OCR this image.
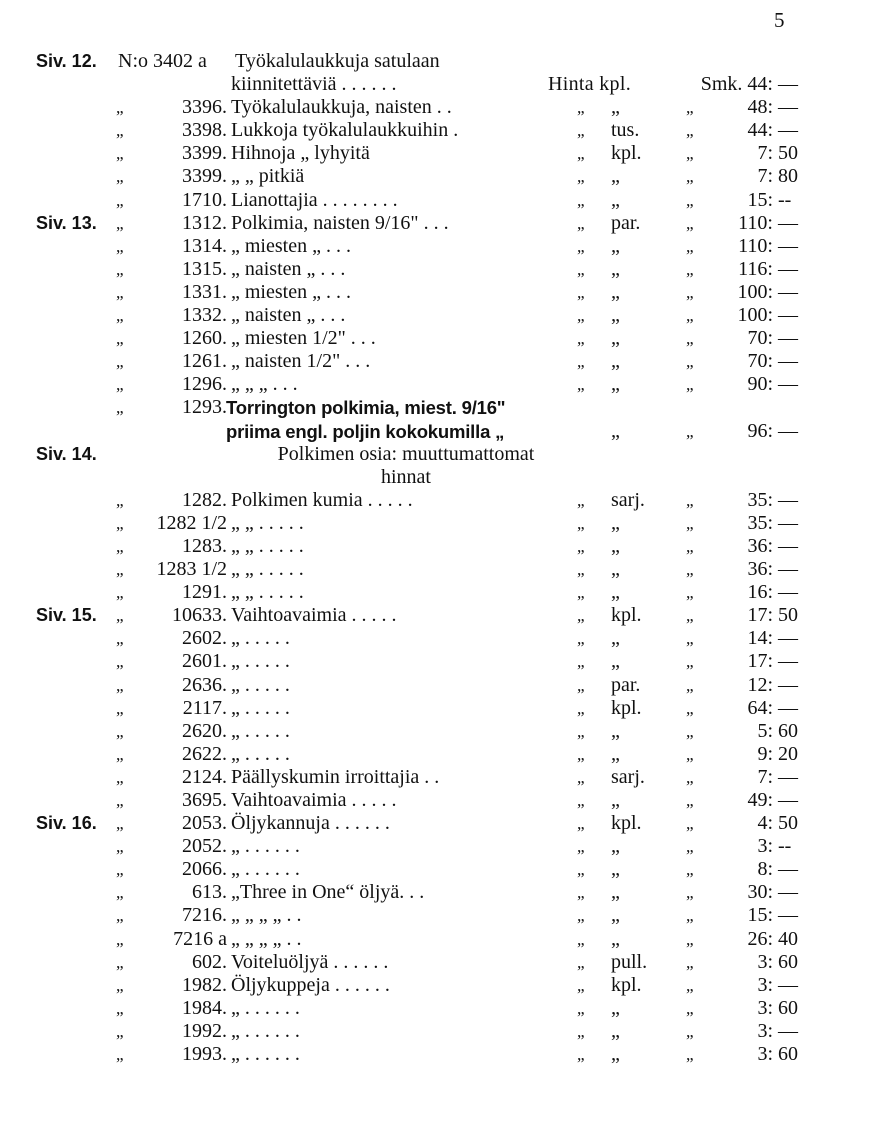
5
Siv. 12. N:o 3402 a Työkalulaukkuja satulaan
kiinnitettäviä . . . . . .	Hinta kpl.	Smk. 44: —
„	3396. Työkalulaukkuja, naisten . .	„ „	„	48: —
„	3398. Lukkoja työkalulaukkuihin .	„ tus.	„	44: —
„	3399. Hihnoja „ lyhyitä	„ kpl.	„	7: 50
„	3399. „ „ pitkiä	„ „	„	7: 80
„	1710. Lianottajia . . . . . . . .	„ „	„	15: --
Siv. 13. „	1312. Polkimia, naisten 9/16" . . .	„ par.	„ 110: —
„	1314. „ miesten „ . . .	„ „	„ 110: —
„	1315. „ naisten „ . . .	„ „	„ 116: —
„	1331. „ miesten „ . . .	„ „	„ 100: —
„	1332. „ naisten „ . . .	„ „	„ 100: —
„	1260. „ miesten 1/2" . . .	„ „	„	70: —
„	1261. „ naisten 1/2" . . .	„ „	„	70: —
„	1296. „ „ „ . . .	„ „	„	90: —
„	1293. Torrington polkimia, miest. 9/16"
priima engl. poljin kokokumilla „	„	„	96: —
Siv. 14.	Polkimen osia: muuttumattomat
hinnat
„	1282. Polkimen kumia . . . . .	„ sarj. „	35: —
„ 1282 1/2 „ „ . . . . .	„ „	„	35: —
„	1283. „ „ . . . . .	„ „	„	36: —
„ 1283 1/2 „ „ . . . . .	„ „	„	36: —
„	1291. „ „ . . . . .	„ „	„	16: —
Siv. 15. „ 10633. Vaihtoavaimia . . . . .	„ kpl.	„	17: 50
„	2602. „ . . . . .	„ „	„	14: —
„	2601. „ . . . . .	„ „	„	17: —
„	2636. „ . . . . .	„ par.	„	12: —
„	2117. „ . . . . .	„ kpl.	„	64: —
„	2620. „ . . . . .	„ „	„	5: 60
„	2622. „ . . . . .	„ „	„	9: 20
„	2124. Päällyskumin irroittajia . .	„ sarj. „	7: —
„	3695. Vaihtoavaimia . . . . .	„ „	„	49: —
Siv. 16. „	2053. Öljykannuja . . . . . .	„ kpl.	„	4: 50
„	2052. „ . . . . . .	„ „	„	3: --
„	2066. „ . . . . . .	„ „	„	8: —
„	613. „Three in One“ öljyä. . .	„ „	„	30: —
„	7216. „ „ „ „ . .	„ „	„	15: —
„ 7216 a „ „ „ „ . .	„ „	„	26: 40
„	602. Voiteluöljyä . . . . . .	„ pull. „	3: 60
„	1982. Öljykuppeja . . . . . .	„ kpl.	„	3: —
„	1984. „ . . . . . .	„ „	„	3: 60
„	1992. „ . . . . . .	„ „	„	3: —
„	1993. „ . . . . . .	„ „	„	3: 60
